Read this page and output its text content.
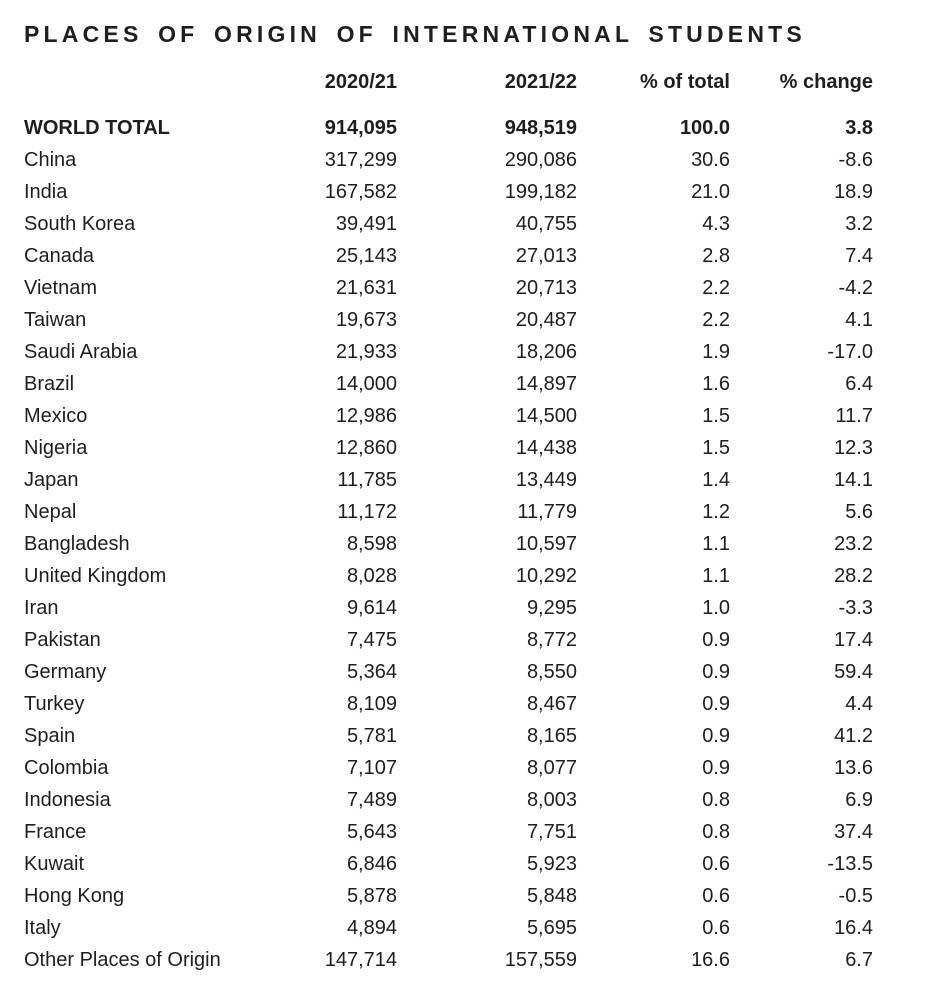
PLACES OF ORIGIN OF INTERNATIONAL STUDENTS
	2020/21	2021/22	% of total	% change
WORLD TOTAL	914,095	948,519	100.0	3.8
China	317,299	290,086	30.6	-8.6
India	167,582	199,182	21.0	18.9
South Korea	39,491	40,755	4.3	3.2
Canada	25,143	27,013	2.8	7.4
Vietnam	21,631	20,713	2.2	-4.2
Taiwan	19,673	20,487	2.2	4.1
Saudi Arabia	21,933	18,206	1.9	-17.0
Brazil	14,000	14,897	1.6	6.4
Mexico	12,986	14,500	1.5	11.7
Nigeria	12,860	14,438	1.5	12.3
Japan	11,785	13,449	1.4	14.1
Nepal	11,172	11,779	1.2	5.6
Bangladesh	8,598	10,597	1.1	23.2
United Kingdom	8,028	10,292	1.1	28.2
Iran	9,614	9,295	1.0	-3.3
Pakistan	7,475	8,772	0.9	17.4
Germany	5,364	8,550	0.9	59.4
Turkey	8,109	8,467	0.9	4.4
Spain	5,781	8,165	0.9	41.2
Colombia	7,107	8,077	0.9	13.6
Indonesia	7,489	8,003	0.8	6.9
France	5,643	7,751	0.8	37.4
Kuwait	6,846	5,923	0.6	-13.5
Hong Kong	5,878	5,848	0.6	-0.5
Italy	4,894	5,695	0.6	16.4
Other Places of Origin	147,714	157,559	16.6	6.7
